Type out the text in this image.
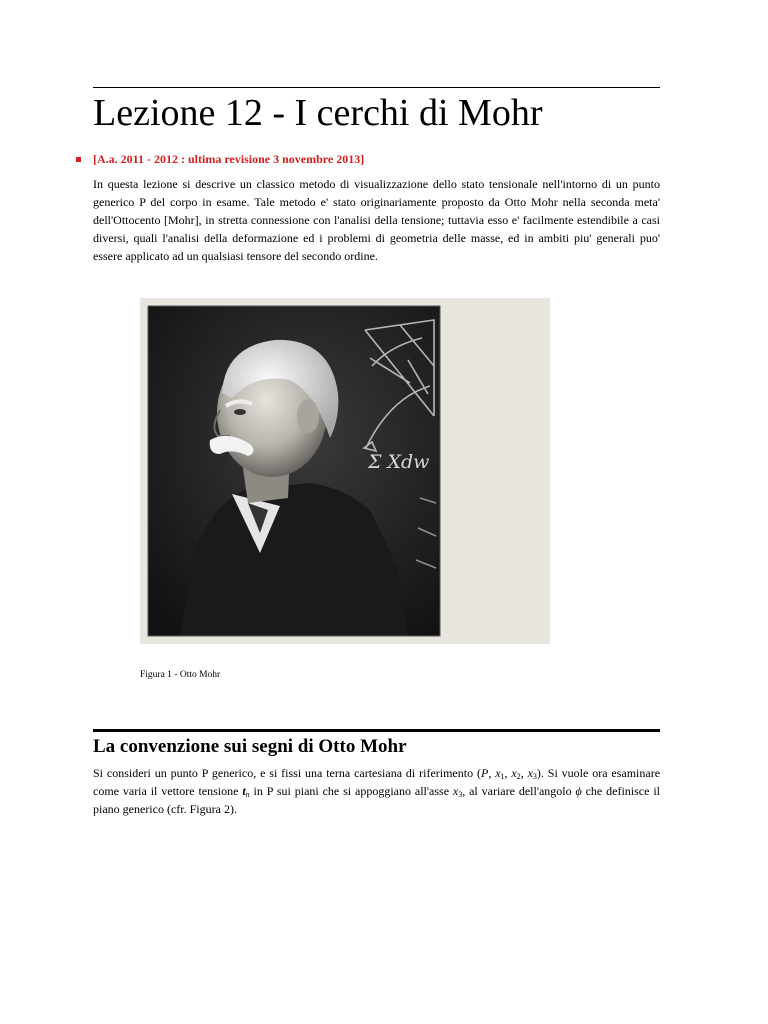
Lezione 12 - I cerchi di Mohr
[A.a. 2011 - 2012 : ultima revisione 3 novembre 2013]

In questa lezione si descrive un classico metodo di visualizzazione dello stato tensionale nell'intorno di un punto generico P del corpo in esame. Tale metodo e' stato originariamente proposto da Otto Mohr nella seconda meta' dell'Ottocento [Mohr], in stretta connessione con l'analisi della tensione; tuttavia esso e' facilmente estendibile a casi diversi, quali l'analisi della deformazione ed i problemi di geometria delle masse, ed in ambiti piu' generali puo' essere applicato ad un qualsiasi tensore del secondo ordine.

Σ Xdw
Figura 1 - Otto Mohr
La convenzione sui segni di Otto Mohr

Si consideri un punto P generico, e si fissi una terna cartesiana di riferimento (P, $x_1$, $x_2$, $x_3$). Si vuole ora esaminare come varia il vettore tensione $t_n$ in P sui piani che si appoggiano all'asse $x_3$, al variare dell'angolo ϕ che definisce il piano generico (cfr. Figura 2).
